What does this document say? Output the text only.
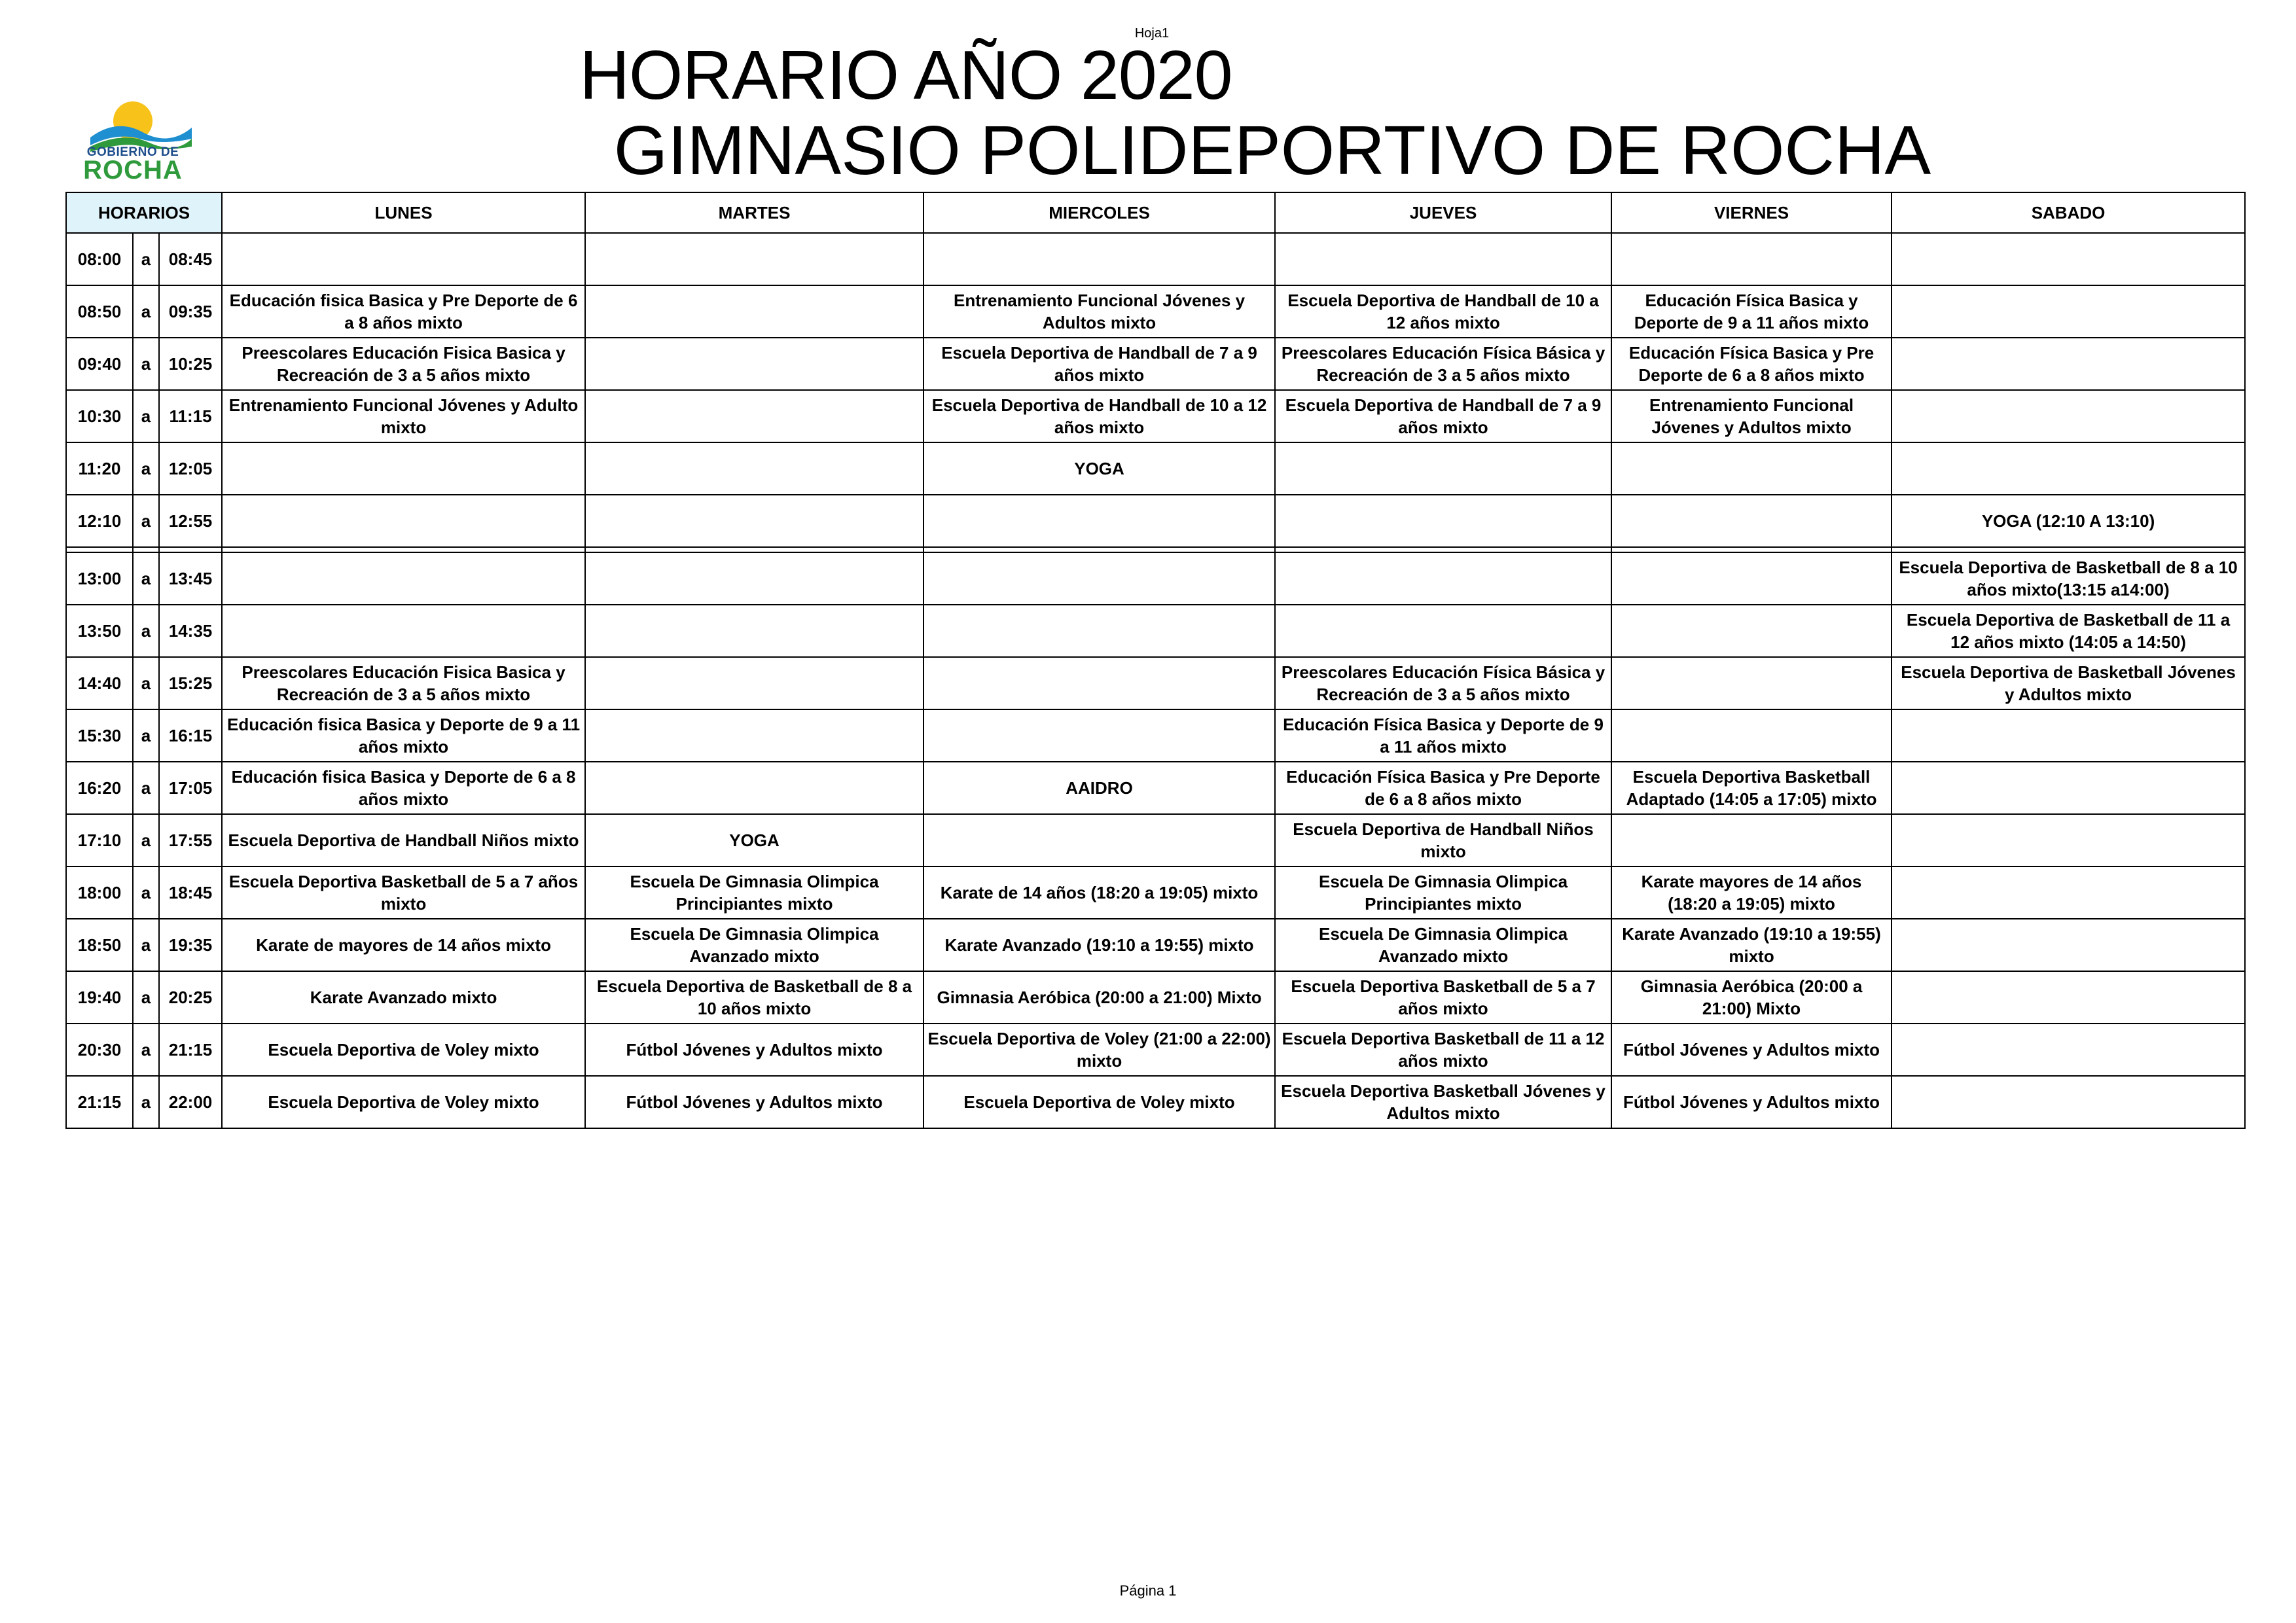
Hoja1
GOBIERNO DE
ROCHA
HORARIO AÑO 2020
GIMNASIO POLIDEPORTIVO DE ROCHA
HORARIOS			LUNES	MARTES	MIERCOLES	JUEVES	VIERNES	SABADO
08:00	a	08:45						
08:50	a	09:35	Educación fisica Basica y Pre Deporte de 6 a 8 años mixto		Entrenamiento Funcional Jóvenes y Adultos mixto	Escuela Deportiva de Handball de 10 a 12 años mixto	Educación Física Basica y Deporte de 9 a 11 años mixto	
09:40	a	10:25	Preescolares Educación Fisica Basica y Recreación de 3 a 5 años mixto		Escuela Deportiva de Handball de 7 a 9 años mixto	Preescolares Educación Física Básica y Recreación de 3 a 5 años mixto	Educación Física Basica y Pre Deporte de 6 a 8 años mixto	
10:30	a	11:15	Entrenamiento Funcional Jóvenes y Adulto mixto		Escuela Deportiva de Handball de 10 a 12 años mixto	Escuela Deportiva de Handball de 7 a 9 años mixto	Entrenamiento Funcional Jóvenes y Adultos mixto	
11:20	a	12:05			YOGA			
12:10	a	12:55						YOGA (12:10 A 13:10)

13:00	a	13:45						Escuela Deportiva de Basketball de 8 a 10 años mixto(13:15 a14:00)
13:50	a	14:35						Escuela Deportiva de Basketball de 11 a 12 años mixto (14:05 a 14:50)
14:40	a	15:25	Preescolares Educación Fisica Basica y Recreación de 3 a 5 años mixto			Preescolares Educación Física Básica y Recreación de 3 a 5 años mixto		Escuela Deportiva de Basketball Jóvenes y Adultos mixto
15:30	a	16:15	Educación fisica Basica y Deporte de 9 a 11 años mixto			Educación Física Basica y Deporte de 9 a 11 años mixto		
16:20	a	17:05	Educación fisica Basica y Deporte de 6 a 8 años mixto		AAIDRO	Educación Física Basica y Pre Deporte de 6 a 8 años mixto	Escuela Deportiva Basketball Adaptado (14:05 a 17:05) mixto	
17:10	a	17:55	Escuela Deportiva de Handball Niños mixto	YOGA		Escuela Deportiva de Handball Niños mixto		
18:00	a	18:45	Escuela Deportiva Basketball de 5 a 7 años mixto	Escuela De Gimnasia Olimpica Principiantes mixto	Karate de 14 años (18:20 a 19:05) mixto	Escuela De Gimnasia Olimpica Principiantes mixto	Karate mayores de 14 años (18:20 a 19:05) mixto	
18:50	a	19:35	Karate de mayores de 14 años mixto	Escuela De Gimnasia Olimpica Avanzado mixto	Karate Avanzado (19:10 a 19:55) mixto	Escuela De Gimnasia Olimpica Avanzado mixto	Karate Avanzado (19:10 a 19:55) mixto	
19:40	a	20:25	Karate Avanzado mixto	Escuela Deportiva de Basketball de 8 a 10 años mixto	Gimnasia Aeróbica (20:00 a 21:00) Mixto	Escuela Deportiva Basketball de 5 a 7 años mixto	Gimnasia Aeróbica (20:00 a 21:00) Mixto	
20:30	a	21:15	Escuela Deportiva de Voley mixto	Fútbol Jóvenes y Adultos mixto	Escuela Deportiva de Voley (21:00 a 22:00) mixto	Escuela Deportiva Basketball de 11 a 12 años mixto	Fútbol Jóvenes y Adultos mixto	
21:15	a	22:00	Escuela Deportiva de Voley mixto	Fútbol Jóvenes y Adultos mixto	Escuela Deportiva de Voley mixto	Escuela Deportiva Basketball Jóvenes y Adultos mixto	Fútbol Jóvenes y Adultos mixto	
Página 1
